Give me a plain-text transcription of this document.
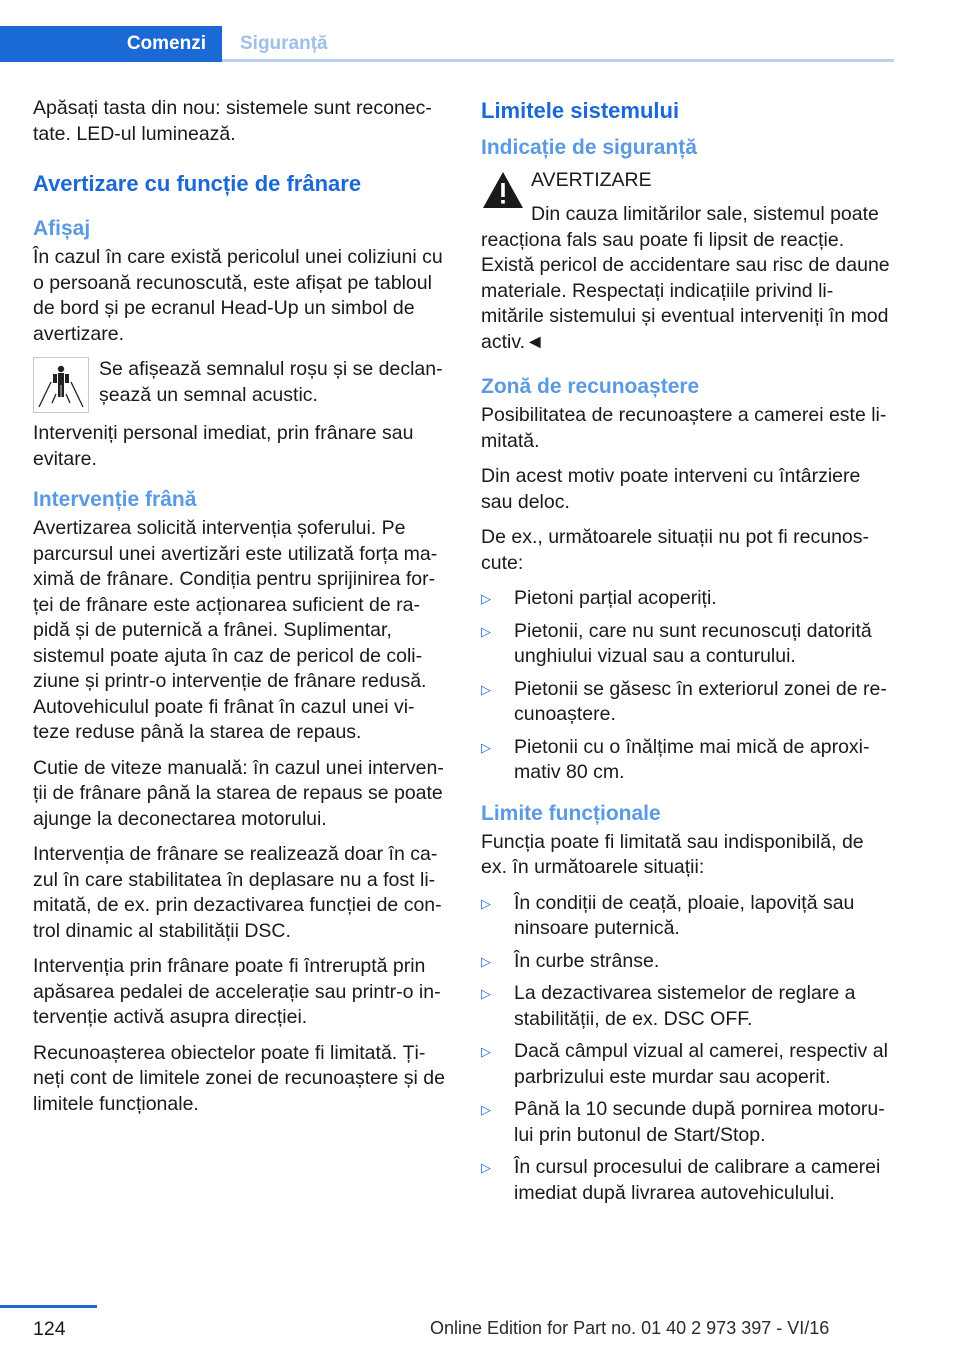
Comenzi Siguranță

Apăsați tasta din nou: sistemele sunt reconec‐tate. LED-ul luminează.

Avertizare cu funcție de frânare
Afișaj

În cazul în care există pericolul unei coliziuni cu o persoană recunoscută, este afișat pe tabloul de bord și pe ecranul Head-Up un simbol de avertizare.

Se afișează semnalul roșu și se declan‐șează un semnal acustic.

Interveniți personal imediat, prin frânare sau evitare.

Intervenție frână

Avertizarea solicită intervenția șoferului. Pe parcursul unei avertizări este utilizată forța ma‐ximă de frânare. Condiția pentru sprijinirea for‐ței de frânare este acționarea suficient de ra‐pidă și de puternică a frânei. Suplimentar, sistemul poate ajuta în caz de pericol de coli‐ziune și printr-o intervenție de frânare redusă. Autovehiculul poate fi frânat în cazul unei vi‐teze reduse până la starea de repaus.

Cutie de viteze manuală: în cazul unei interven‐ții de frânare până la starea de repaus se poate ajunge la deconectarea motorului.

Intervenția de frânare se realizează doar în ca‐zul în care stabilitatea în deplasare nu a fost li‐mitată, de ex. prin dezactivarea funcției de con‐trol dinamic al stabilității DSC.

Intervenția prin frânare poate fi întreruptă prin apăsarea pedalei de accelerație sau printr-o in‐tervenție activă asupra direcției.

Recunoașterea obiectelor poate fi limitată. Ți‐neți cont de limitele zonei de recunoaștere și de limitele funcționale.

Limitele sistemului
Indicație de siguranță
AVERTIZARE

Din cauza limitărilor sale, sistemul poate reacționa fals sau poate fi lipsit de reacție. Există pericol de accidentare sau risc de daune materiale. Respectați indicațiile privind li‐mitările sistemului și eventual interveniți în mod activ.◄

Zonă de recunoaștere

Posibilitatea de recunoaștere a camerei este li‐mitată.

Din acest motiv poate interveni cu întârziere sau deloc.

De ex., următoarele situații nu pot fi recunos‐cute:

▷	Pietoni parțial acoperiți.
▷	Pietonii, care nu sunt recunoscuți datorită unghiului vizual sau a conturului.
▷	Pietonii se găsesc în exteriorul zonei de re‐cunoaștere.
▷	Pietonii cu o înălțime mai mică de aproxi‐mativ 80 cm.
Limite funcționale

Funcția poate fi limitată sau indisponibilă, de ex. în următoarele situații:

▷	În condiții de ceață, ploaie, lapoviță sau ninsoare puternică.
▷	În curbe strânse.
▷	La dezactivarea sistemelor de reglare a stabilității, de ex. DSC OFF.
▷	Dacă câmpul vizual al camerei, respectiv al parbrizului este murdar sau acoperit.
▷	Până la 10 secunde după pornirea motoru‐lui prin butonul de Start/Stop.
▷	În cursul procesului de calibrare a camerei imediat după livrarea autovehiculului.
124	Online Edition for Part no. 01 40 2 973 397 - VI/16
